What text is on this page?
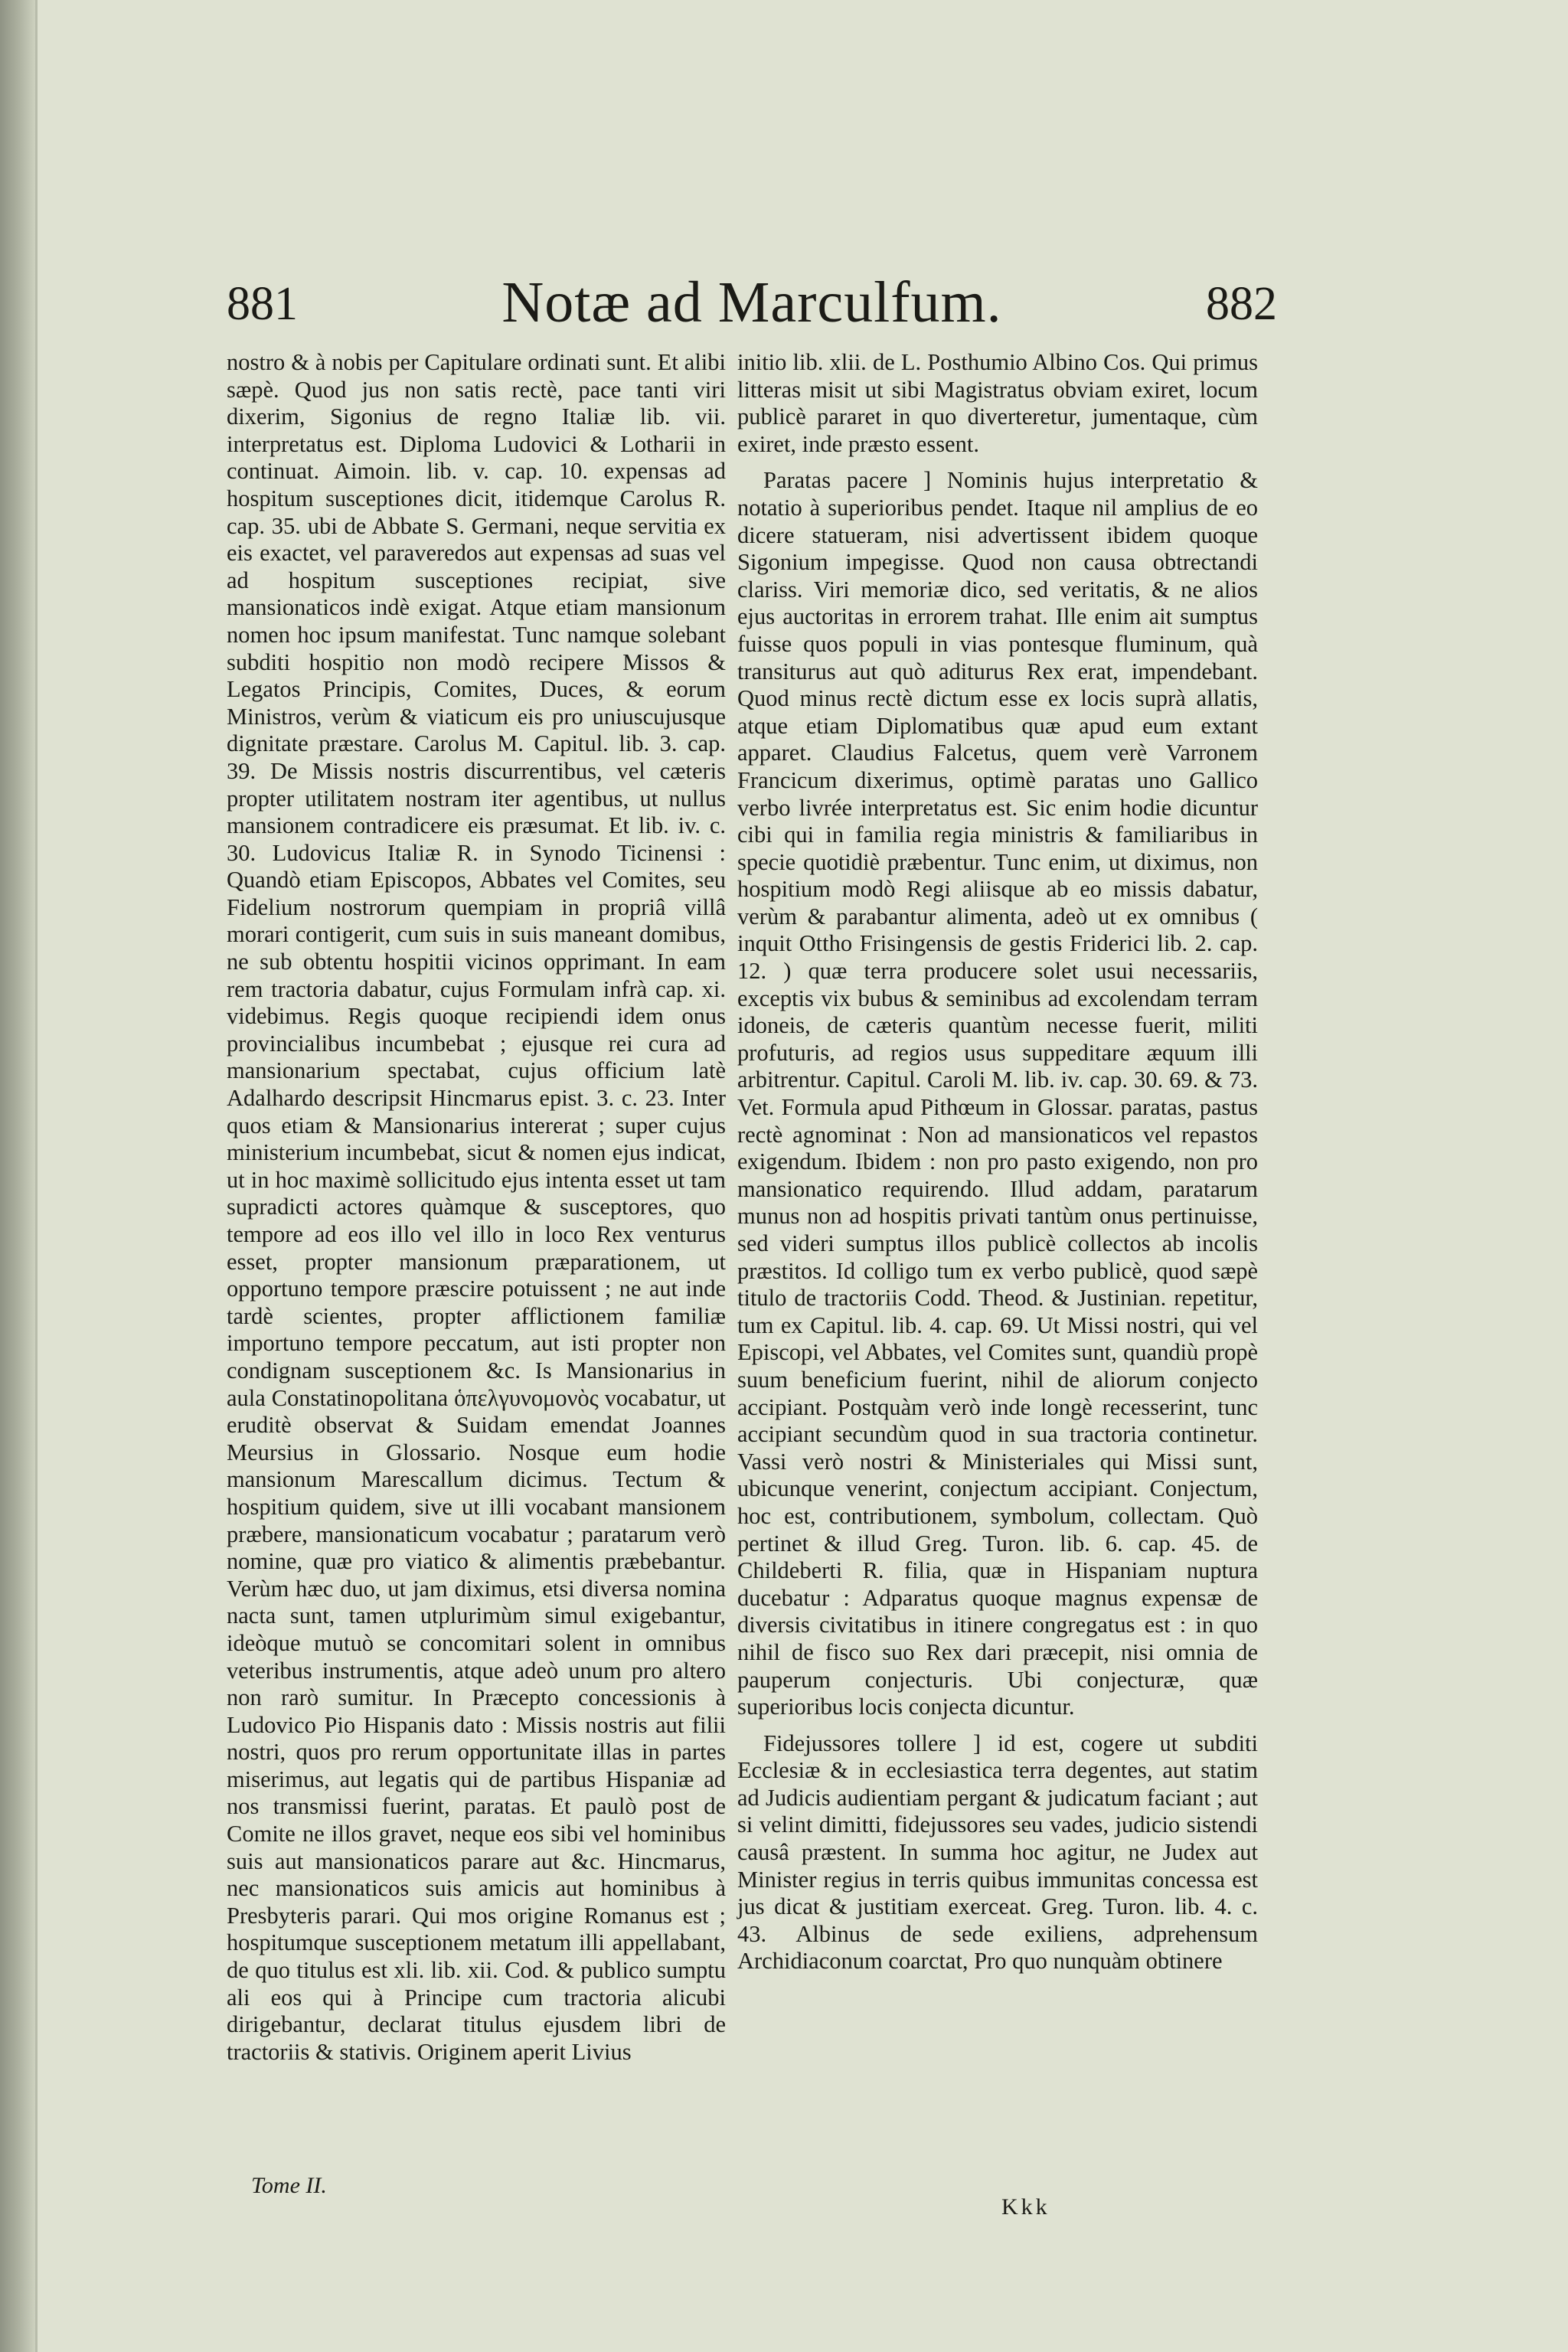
881	Notæ ad Marculfum.	882

nostro & à nobis per Capitulare ordinati sunt. Et alibi sæpè. Quod jus non satis rectè, pace tanti viri dixerim, Sigonius de regno Italiæ lib. vii. interpretatus est. Diploma Ludovici & Lotharii in continuat. Aimoin. lib. v. cap. 10. expensas ad hospitum susceptiones dicit, itidemque Carolus R. cap. 35. ubi de Abbate S. Germani, neque servitia ex eis exactet, vel paraveredos aut expensas ad suas vel ad hospitum susceptiones recipiat, sive mansionaticos indè exigat. Atque etiam mansionum nomen hoc ipsum manifestat. Tunc namque solebant subditi hospitio non modò recipere Missos & Legatos Principis, Comites, Duces, & eorum Ministros, verùm & viaticum eis pro uniuscujusque dignitate præstare. Carolus M. Capitul. lib. 3. cap. 39. De Missis nostris discurrentibus, vel cæteris propter utilitatem nostram iter agentibus, ut nullus mansionem contradicere eis præsumat. Et lib. iv. c. 30. Ludovicus Italiæ R. in Synodo Ticinensi : Quandò etiam Episcopos, Abbates vel Comites, seu Fidelium nostrorum quempiam in propriâ villâ morari contigerit, cum suis in suis maneant domibus, ne sub obtentu hospitii vicinos opprimant. In eam rem tractoria dabatur, cujus Formulam infrà cap. xi. videbimus. Regis quoque recipiendi idem onus provincialibus incumbebat ; ejusque rei cura ad mansionarium spectabat, cujus officium latè Adalhardo descripsit Hincmarus epist. 3. c. 23. Inter quos etiam & Mansionarius intererat ; super cujus ministerium incumbebat, sicut & nomen ejus indicat, ut in hoc maximè sollicitudo ejus intenta esset ut tam supradicti actores quàmque & susceptores, quo tempore ad eos illo vel illo in loco Rex venturus esset, propter mansionum præparationem, ut opportuno tempore præscire potuissent ; ne aut inde tardè scientes, propter afflictionem familiæ importuno tempore peccatum, aut isti propter non condignam susceptionem &c. Is Mansionarius in aula Constatinopolitana ὁπελγυνομονὸς vocabatur, ut eruditè observat & Suidam emendat Joannes Meursius in Glossario. Nosque eum hodie mansionum Marescallum dicimus. Tectum & hospitium quidem, sive ut illi vocabant mansionem præbere, mansionaticum vocabatur ; paratarum verò nomine, quæ pro viatico & alimentis præbebantur. Verùm hæc duo, ut jam diximus, etsi diversa nomina nacta sunt, tamen utplurimùm simul exigebantur, ideòque mutuò se concomitari solent in omnibus veteribus instrumentis, atque adeò unum pro altero non rarò sumitur. In Præcepto concessionis à Ludovico Pio Hispanis dato : Missis nostris aut filii nostri, quos pro rerum opportunitate illas in partes miserimus, aut legatis qui de partibus Hispaniæ ad nos transmissi fuerint, paratas. Et paulò post de Comite ne illos gravet, neque eos sibi vel hominibus suis aut mansionaticos parare aut &c. Hincmarus, nec mansionaticos suis amicis aut hominibus à Presbyteris parari. Qui mos origine Romanus est ; hospitumque susceptionem metatum illi appellabant, de quo titulus est xli. lib. xii. Cod. & publico sumptu ali eos qui à Principe cum tractoria alicubi dirigebantur, declarat titulus ejusdem libri de tractoriis & stativis. Originem aperit Livius

initio lib. xlii. de L. Posthumio Albino Cos. Qui primus litteras misit ut sibi Magistratus obviam exiret, locum publicè pararet in quo diverteretur, jumentaque, cùm exiret, inde præsto essent.

Paratas pacere ] Nominis hujus interpretatio & notatio à superioribus pendet. Itaque nil amplius de eo dicere statueram, nisi advertissent ibidem quoque Sigonium impegisse. Quod non causa obtrectandi clariss. Viri memoriæ dico, sed veritatis, & ne alios ejus auctoritas in errorem trahat. Ille enim ait sumptus fuisse quos populi in vias pontesque fluminum, quà transiturus aut quò aditurus Rex erat, impendebant. Quod minus rectè dictum esse ex locis suprà allatis, atque etiam Diplomatibus quæ apud eum extant apparet. Claudius Falcetus, quem verè Varronem Francicum dixerimus, optimè paratas uno Gallico verbo livrée interpretatus est. Sic enim hodie dicuntur cibi qui in familia regia ministris & familiaribus in specie quotidiè præbentur. Tunc enim, ut diximus, non hospitium modò Regi aliisque ab eo missis dabatur, verùm & parabantur alimenta, adeò ut ex omnibus ( inquit Ottho Frisingensis de gestis Friderici lib. 2. cap. 12. ) quæ terra producere solet usui necessariis, exceptis vix bubus & seminibus ad excolendam terram idoneis, de cæteris quantùm necesse fuerit, militi profuturis, ad regios usus suppeditare æquum illi arbitrentur. Capitul. Caroli M. lib. iv. cap. 30. 69. & 73. Vet. Formula apud Pithœum in Glossar. paratas, pastus rectè agnominat : Non ad mansionaticos vel repastos exigendum. Ibidem : non pro pasto exigendo, non pro mansionatico requirendo. Illud addam, paratarum munus non ad hospitis privati tantùm onus pertinuisse, sed videri sumptus illos publicè collectos ab incolis præstitos. Id colligo tum ex verbo publicè, quod sæpè titulo de tractoriis Codd. Theod. & Justinian. repetitur, tum ex Capitul. lib. 4. cap. 69. Ut Missi nostri, qui vel Episcopi, vel Abbates, vel Comites sunt, quandiù propè suum beneficium fuerint, nihil de aliorum conjecto accipiant. Postquàm verò inde longè recesserint, tunc accipiant secundùm quod in sua tractoria continetur. Vassi verò nostri & Ministeriales qui Missi sunt, ubicunque venerint, conjectum accipiant. Conjectum, hoc est, contributionem, symbolum, collectam. Quò pertinet & illud Greg. Turon. lib. 6. cap. 45. de Childeberti R. filia, quæ in Hispaniam nuptura ducebatur : Adparatus quoque magnus expensæ de diversis civitatibus in itinere congregatus est : in quo nihil de fisco suo Rex dari præcepit, nisi omnia de pauperum conjecturis. Ubi conjecturæ, quæ superioribus locis conjecta dicuntur.

Fidejussores tollere ] id est, cogere ut subditi Ecclesiæ & in ecclesiastica terra degentes, aut statim ad Judicis audientiam pergant & judicatum faciant ; aut si velint dimitti, fidejussores seu vades, judicio sistendi causâ præstent. In summa hoc agitur, ne Judex aut Minister regius in terris quibus immunitas concessa est jus dicat & justitiam exerceat. Greg. Turon. lib. 4. c. 43. Albinus de sede exiliens, adprehensum Archidiaconum coarctat, Pro quo nunquàm obtinere

Tome II.
Kkk
